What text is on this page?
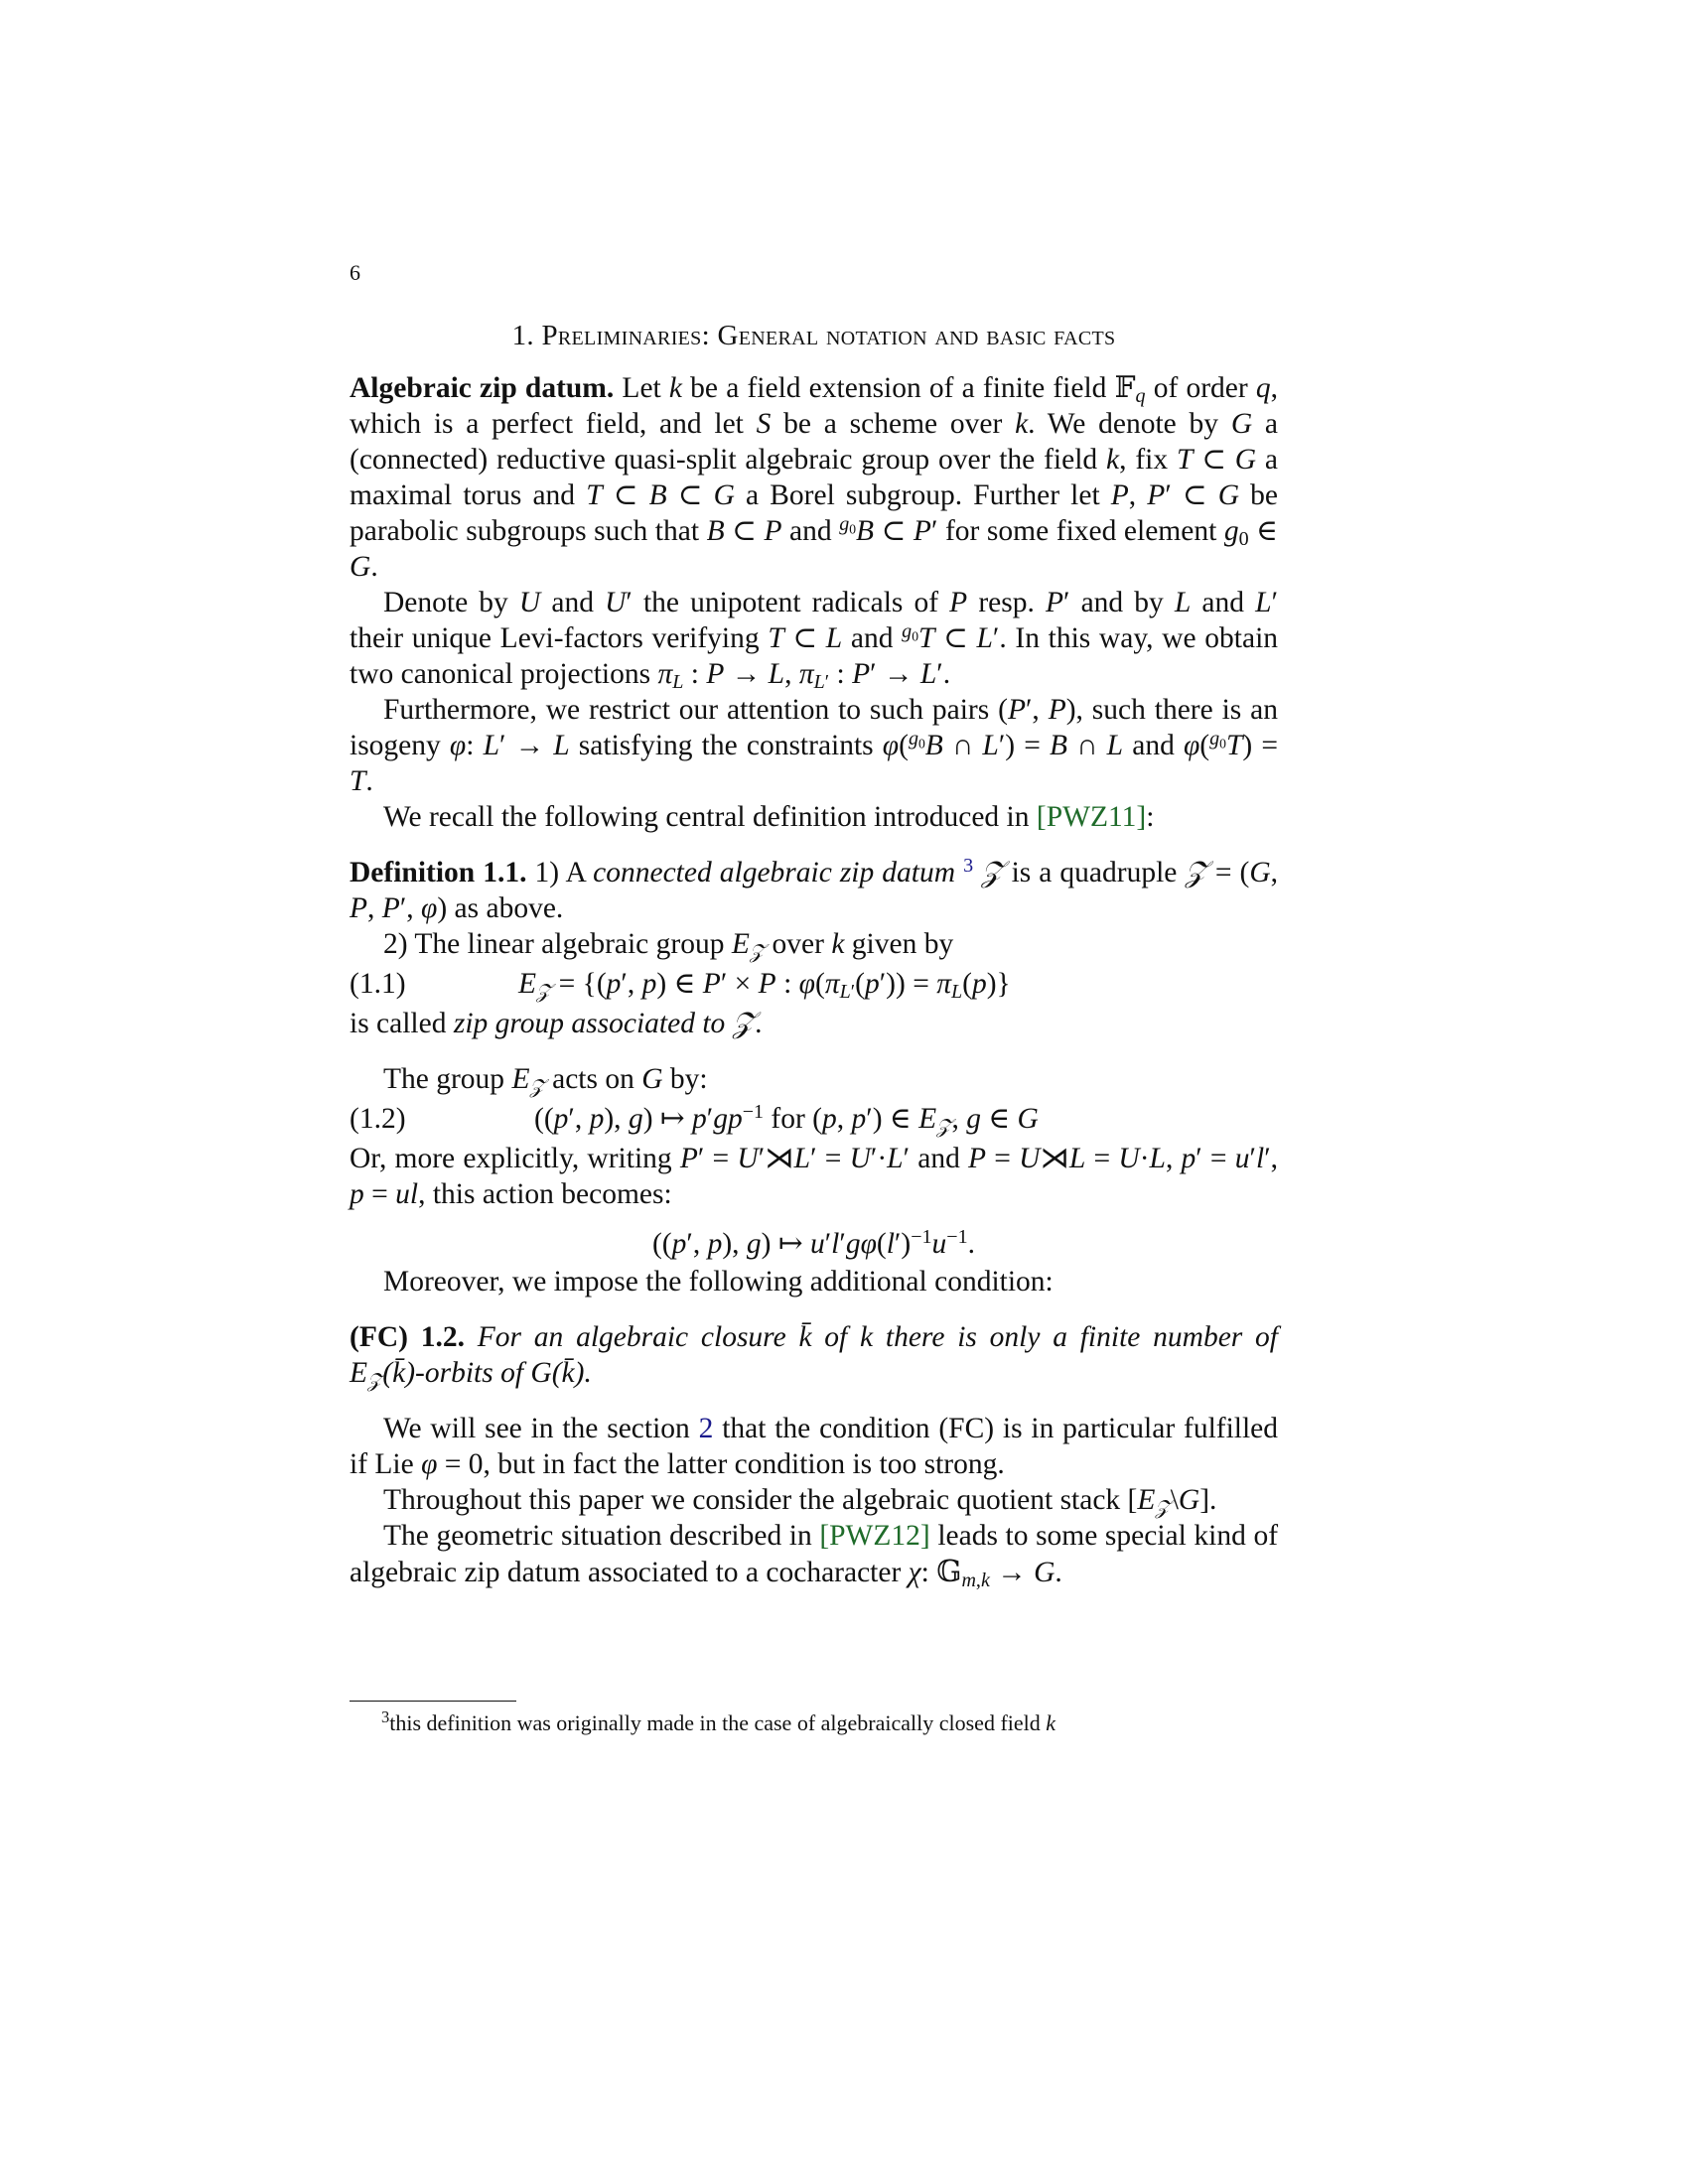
6
1. Preliminaries: General notation and basic facts

Algebraic zip datum. Let k be a field extension of a finite field 𝔽$_q$ of order q, which is a perfect field, and let S be a scheme over k. We denote by G a (connected) reductive quasi-split algebraic group over the field k, fix T ⊂ G a maximal torus and T ⊂ B ⊂ G a Borel subgroup. Further let P, P′ ⊂ G be parabolic subgroups such that B ⊂ P and $^{g_0}$B ⊂ P′ for some fixed element $g_0$ ∈ G.

Denote by U and U′ the unipotent radicals of P resp. P′ and by L and L′ their unique Levi-factors verifying T ⊂ L and $^{g_0}$T ⊂ L′. In this way, we obtain two canonical projections $\pi_L$ : P → L, $\pi_{L'}$ : P′ → L′.

Furthermore, we restrict our attention to such pairs (P′, P), such there is an isogeny φ: L′ → L satisfying the constraints φ($^{g_0}$B ∩ L′) = B ∩ L and φ($^{g_0}$T) = T.

We recall the following central definition introduced in [PWZ11]:

Definition 1.1. 1) A connected algebraic zip datum $^3$ 𝒵 is a quadruple 𝒵 = (G, P, P′, φ) as above.

2) The linear algebraic group $E_𝒵$ over k given by

(1.1)	$E_𝒵 = \{(p'$, p) ∈ P′ × P : $\varphi(\pi_{L'}(p')) = \pi_L(p)$}

is called zip group associated to 𝒵.

The group $E_𝒵$ acts on G by:

(1.2)	((p′, p), g) ↦ $p'gp^{-1}$ for (p, p′) ∈ $E_𝒵$, g ∈ G

Or, more explicitly, writing P′ = U′⋊L′ = U′·L′ and P = U⋊L = U·L, p′ = u′l′, p = ul, this action becomes:

((p′, p), g) ↦ $u'l'g\varphi(l')^{-1}u^{-1}$.

Moreover, we impose the following additional condition:

(FC) 1.2. For an algebraic closure k̄ of k there is only a finite number of $E_𝒵(k̄)$-orbits of G(k̄).

We will see in the section 2 that the condition (FC) is in particular fulfilled if Lie φ = 0, but in fact the latter condition is too strong.

Throughout this paper we consider the algebraic quotient stack $[E_𝒵\backslash G]$.

The geometric situation described in [PWZ12] leads to some special kind of algebraic zip datum associated to a cocharacter χ: 𝔾$_{m,k}$ → G.

$^3$this definition was originally made in the case of algebraically closed field k
